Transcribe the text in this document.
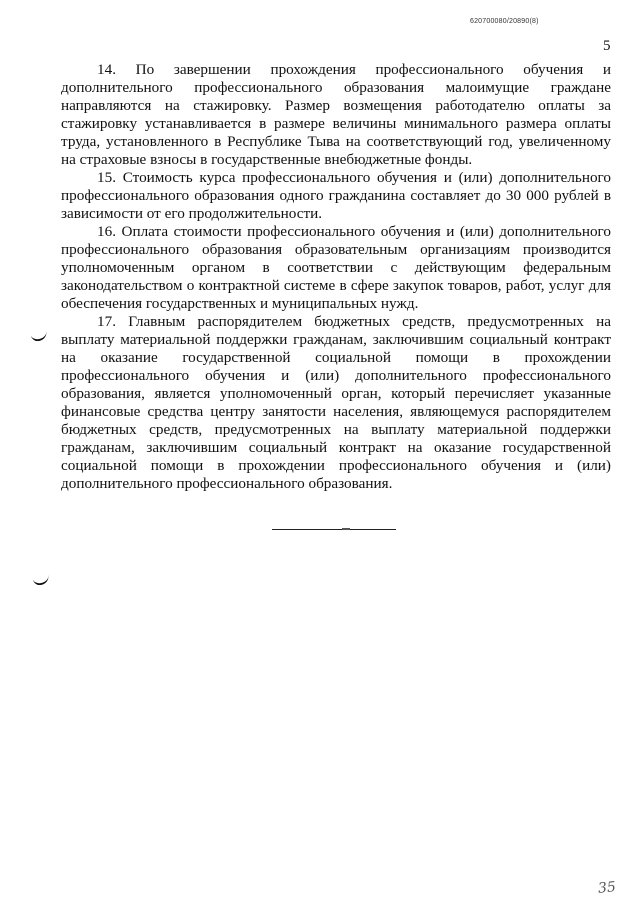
620700080/20890(8)
5

14. По завершении прохождения профессионального обучения и дополнительного профессионального образования малоимущие граждане направляются на стажировку. Размер возмещения работодателю оплаты за стажировку устанавливается в размере величины минимального размера оплаты труда, установленного в Республике Тыва на соответствующий год, увеличенному на страховые взносы в государственные внебюджетные фонды.

15. Стоимость курса профессионального обучения и (или) дополнительного профессионального образования одного гражданина составляет до 30 000 рублей в зависимости от его продолжительности.

16. Оплата стоимости профессионального обучения и (или) дополнительного профессионального образования образовательным организациям производится уполномоченным органом в соответствии с действующим федеральным законодательством о контрактной системе в сфере закупок товаров, работ, услуг для обеспечения государственных и муниципальных нужд.

17. Главным распорядителем бюджетных средств, предусмотренных на выплату материальной поддержки гражданам, заключившим социальный контракт на оказание государственной социальной помощи в прохождении профессионального обучения и (или) дополнительного профессионального образования, является уполномоченный орган, который перечисляет указанные финансовые средства центру занятости населения, являющемуся распорядителем бюджетных средств, предусмотренных на выплату материальной поддержки гражданам, заключившим социальный контракт на оказание государственной социальной помощи в прохождении профессионального обучения и (или) дополнительного профессионального образования.

35
